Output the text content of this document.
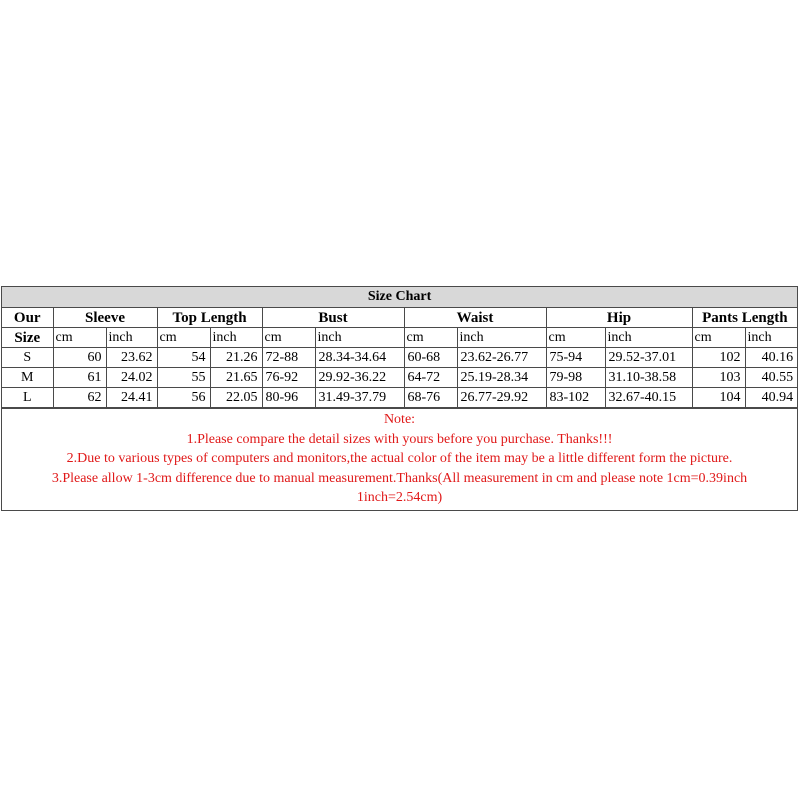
Size Chart												
Our	Sleeve		Top Length		Bust		Waist		Hip		Pants Length	
Size	cm	inch	cm	inch	cm	inch	cm	inch	cm	inch	cm	inch
S	60	23.62	54	21.26	72-88	28.34-34.64	60-68	23.62-26.77	75-94	29.52-37.01	102	40.16
M	61	24.02	55	21.65	76-92	29.92-36.22	64-72	25.19-28.34	79-98	31.10-38.58	103	40.55
L	62	24.41	56	22.05	80-96	31.49-37.79	68-76	26.77-29.92	83-102	32.67-40.15	104	40.94
Note:
1.Please compare the detail sizes with yours before you purchase. Thanks!!!
2.Due to various types of computers and monitors,the actual color of the item may be a little different form the picture.
3.Please allow 1-3cm difference due to manual measurement.Thanks(All measurement in cm and please note 1cm=0.39inch
1inch=2.54cm)
